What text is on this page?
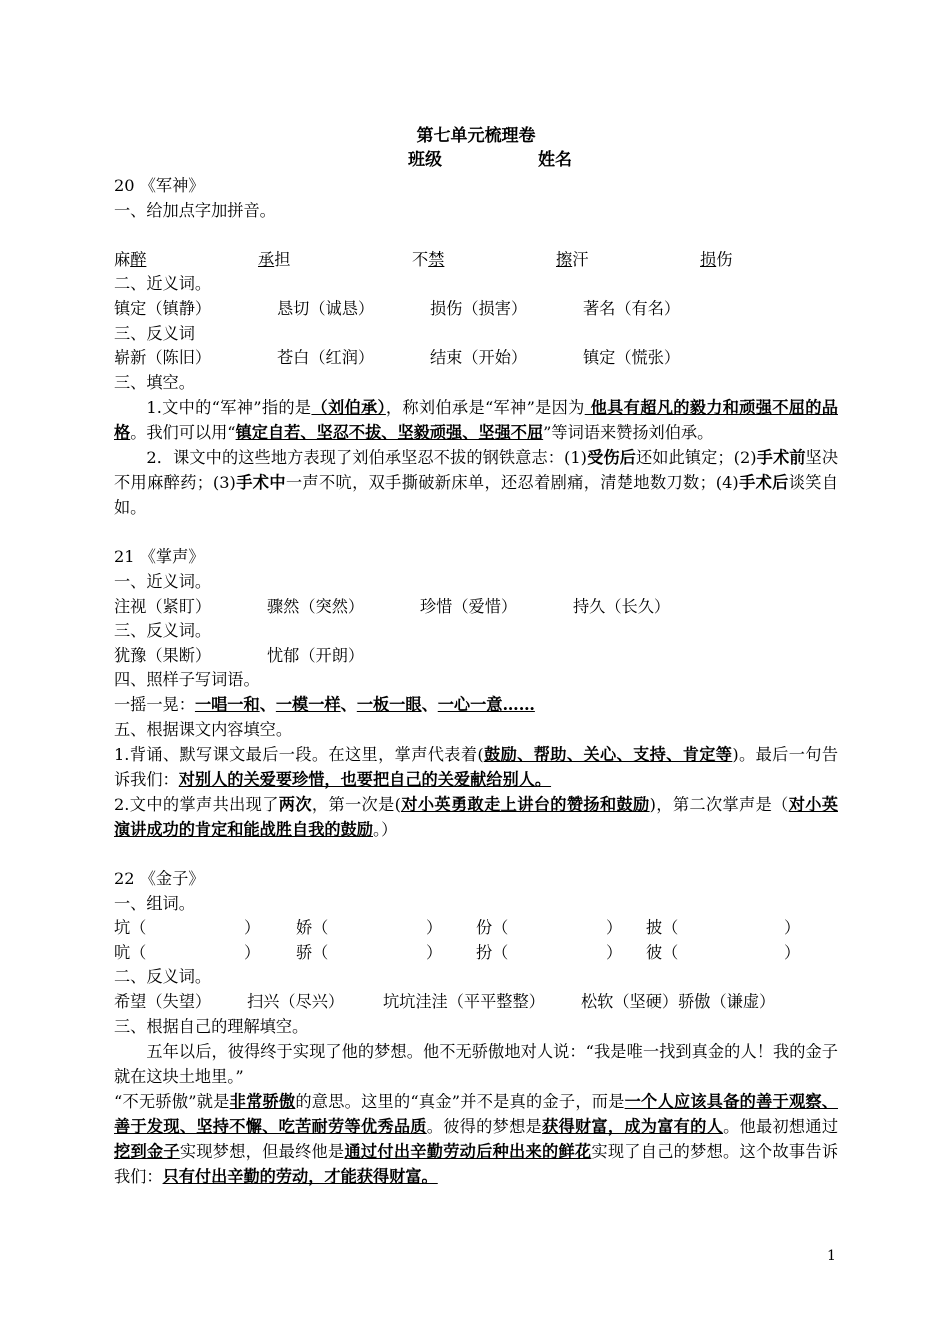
第七单元梳理卷
班级	姓名
20 《军神》
一、给加点字加拼音。
麻醉	承担	不禁	擦汗	损伤
二、近义词。
镇定（镇静）	恳切（诚恳）	损伤（损害）	著名（有名）
三、反义词
崭新（陈旧）	苍白（红润）	结束（开始）	镇定（慌张）
三、填空。
1.文中的“军神”指的是（刘伯承），称刘伯承是“军神”是因为 他具有超凡的毅力和顽强不屈的品格。我们可以用“镇定自若、坚忍不拔、坚毅顽强、坚强不屈”等词语来赞扬刘伯承。
2．课文中的这些地方表现了刘伯承坚忍不拔的钢铁意志：(1)受伤后还如此镇定；(2)手术前坚决不用麻醉药；(3)手术中一声不吭，双手撕破新床单，还忍着剧痛，清楚地数刀数；(4)手术后谈笑自如。
21 《掌声》
一、近义词。
注视（紧盯）	骤然（突然）	珍惜（爱惜）	持久（长久）
三、反义词。
犹豫（果断）	忧郁（开朗）
四、照样子写词语。
一摇一晃：一唱一和、一模一样、一板一眼、一心一意……
五、根据课文内容填空。
1.背诵、默写课文最后一段。在这里，掌声代表着(鼓励、帮助、关心、支持、肯定等)。最后一句告诉我们：对别人的关爱要珍惜，也要把自己的关爱献给别人。
2.文中的掌声共出现了两次，第一次是(对小英勇敢走上讲台的赞扬和鼓励)，第二次掌声是（对小英演讲成功的肯定和能战胜自我的鼓励。）
22 《金子》
一、组词。
坑（	） 娇（	） 份（	） 披（	）
吭（	） 骄（	） 扮（	） 彼（	）
二、反义词。
希望（失望） 扫兴（尽兴） 坑坑洼洼（平平整整） 松软（坚硬）骄傲（谦虚）
三、根据自己的理解填空。
五年以后，彼得终于实现了他的梦想。他不无骄傲地对人说：“我是唯一找到真金的人！我的金子就在这块土地里。”
“不无骄傲”就是非常骄傲的意思。这里的“真金”并不是真的金子，而是一个人应该具备的善于观察、善于发现、坚持不懈、吃苦耐劳等优秀品质。彼得的梦想是获得财富，成为富有的人。他最初想通过挖到金子实现梦想，但最终他是通过付出辛勤劳动后种出来的鲜花实现了自己的梦想。这个故事告诉我们：只有付出辛勤的劳动，才能获得财富。
1
